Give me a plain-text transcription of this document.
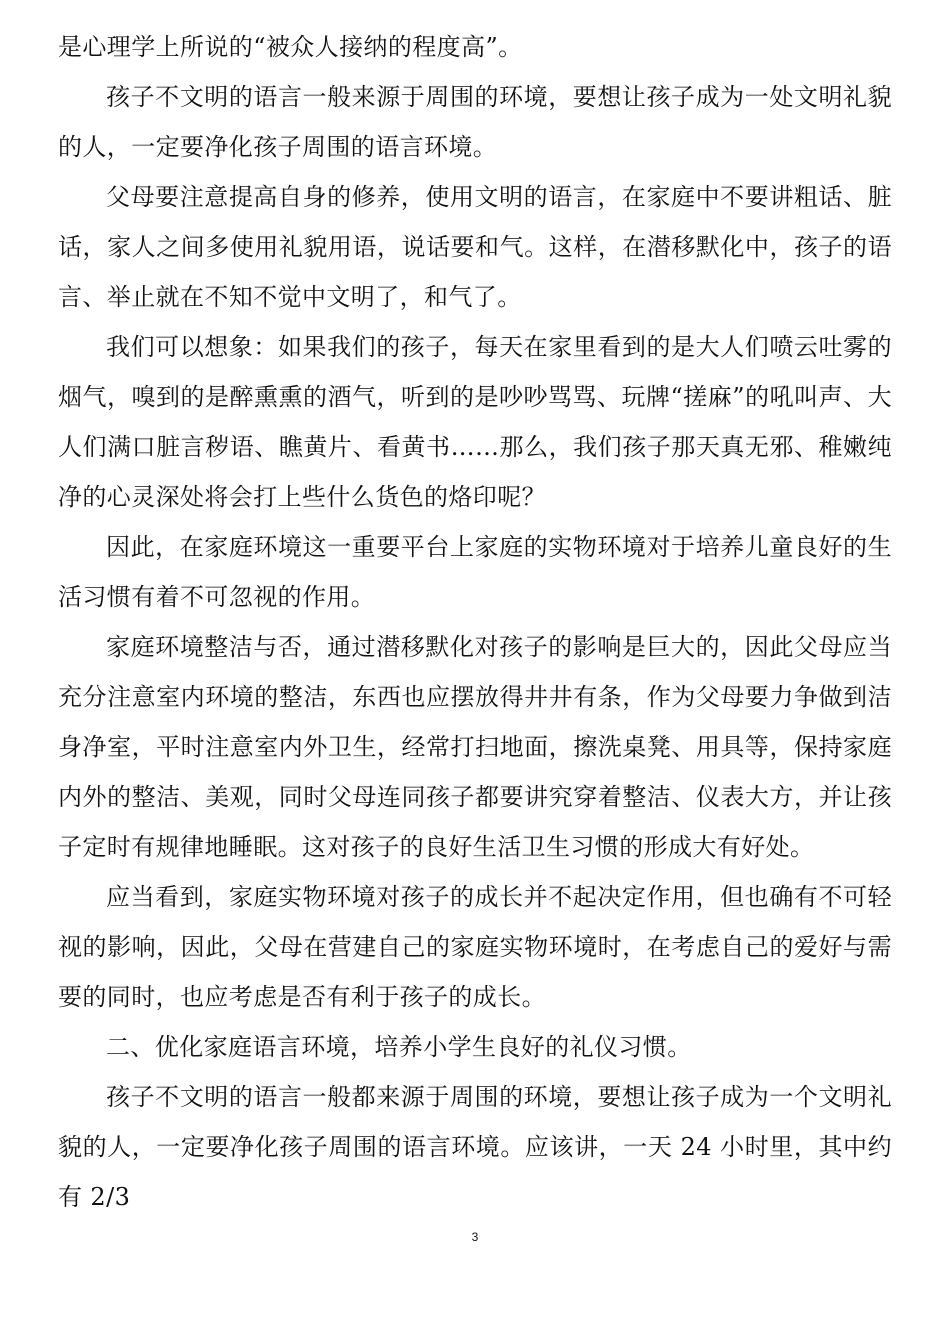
是心理学上所说的“被众人接纳的程度高”。

孩子不文明的语言一般来源于周围的环境，要想让孩子成为一处文明礼貌的人，一定要净化孩子周围的语言环境。

父母要注意提高自身的修养，使用文明的语言，在家庭中不要讲粗话、脏话，家人之间多使用礼貌用语，说话要和气。这样，在潜移默化中，孩子的语言、举止就在不知不觉中文明了，和气了。

我们可以想象：如果我们的孩子，每天在家里看到的是大人们喷云吐雾的烟气，嗅到的是醉熏熏的酒气，听到的是吵吵骂骂、玩牌“搓麻”的吼叫声、大人们满口脏言秽语、瞧黄片、看黄书……那么，我们孩子那天真无邪、稚嫩纯净的心灵深处将会打上些什么货色的烙印呢？

因此，在家庭环境这一重要平台上家庭的实物环境对于培养儿童良好的生活习惯有着不可忽视的作用。

家庭环境整洁与否，通过潜移默化对孩子的影响是巨大的，因此父母应当充分注意室内环境的整洁，东西也应摆放得井井有条，作为父母要力争做到洁身净室，平时注意室内外卫生，经常打扫地面，擦洗桌凳、用具等，保持家庭内外的整洁、美观，同时父母连同孩子都要讲究穿着整洁、仪表大方，并让孩子定时有规律地睡眠。这对孩子的良好生活卫生习惯的形成大有好处。

应当看到，家庭实物环境对孩子的成长并不起决定作用，但也确有不可轻视的影响，因此，父母在营建自己的家庭实物环境时，在考虑自己的爱好与需要的同时，也应考虑是否有利于孩子的成长。

二、优化家庭语言环境，培养小学生良好的礼仪习惯。

孩子不文明的语言一般都来源于周围的环境，要想让孩子成为一个文明礼貌的人，一定要净化孩子周围的语言环境。应该讲，一天 24 小时里，其中约有 2/3

3
